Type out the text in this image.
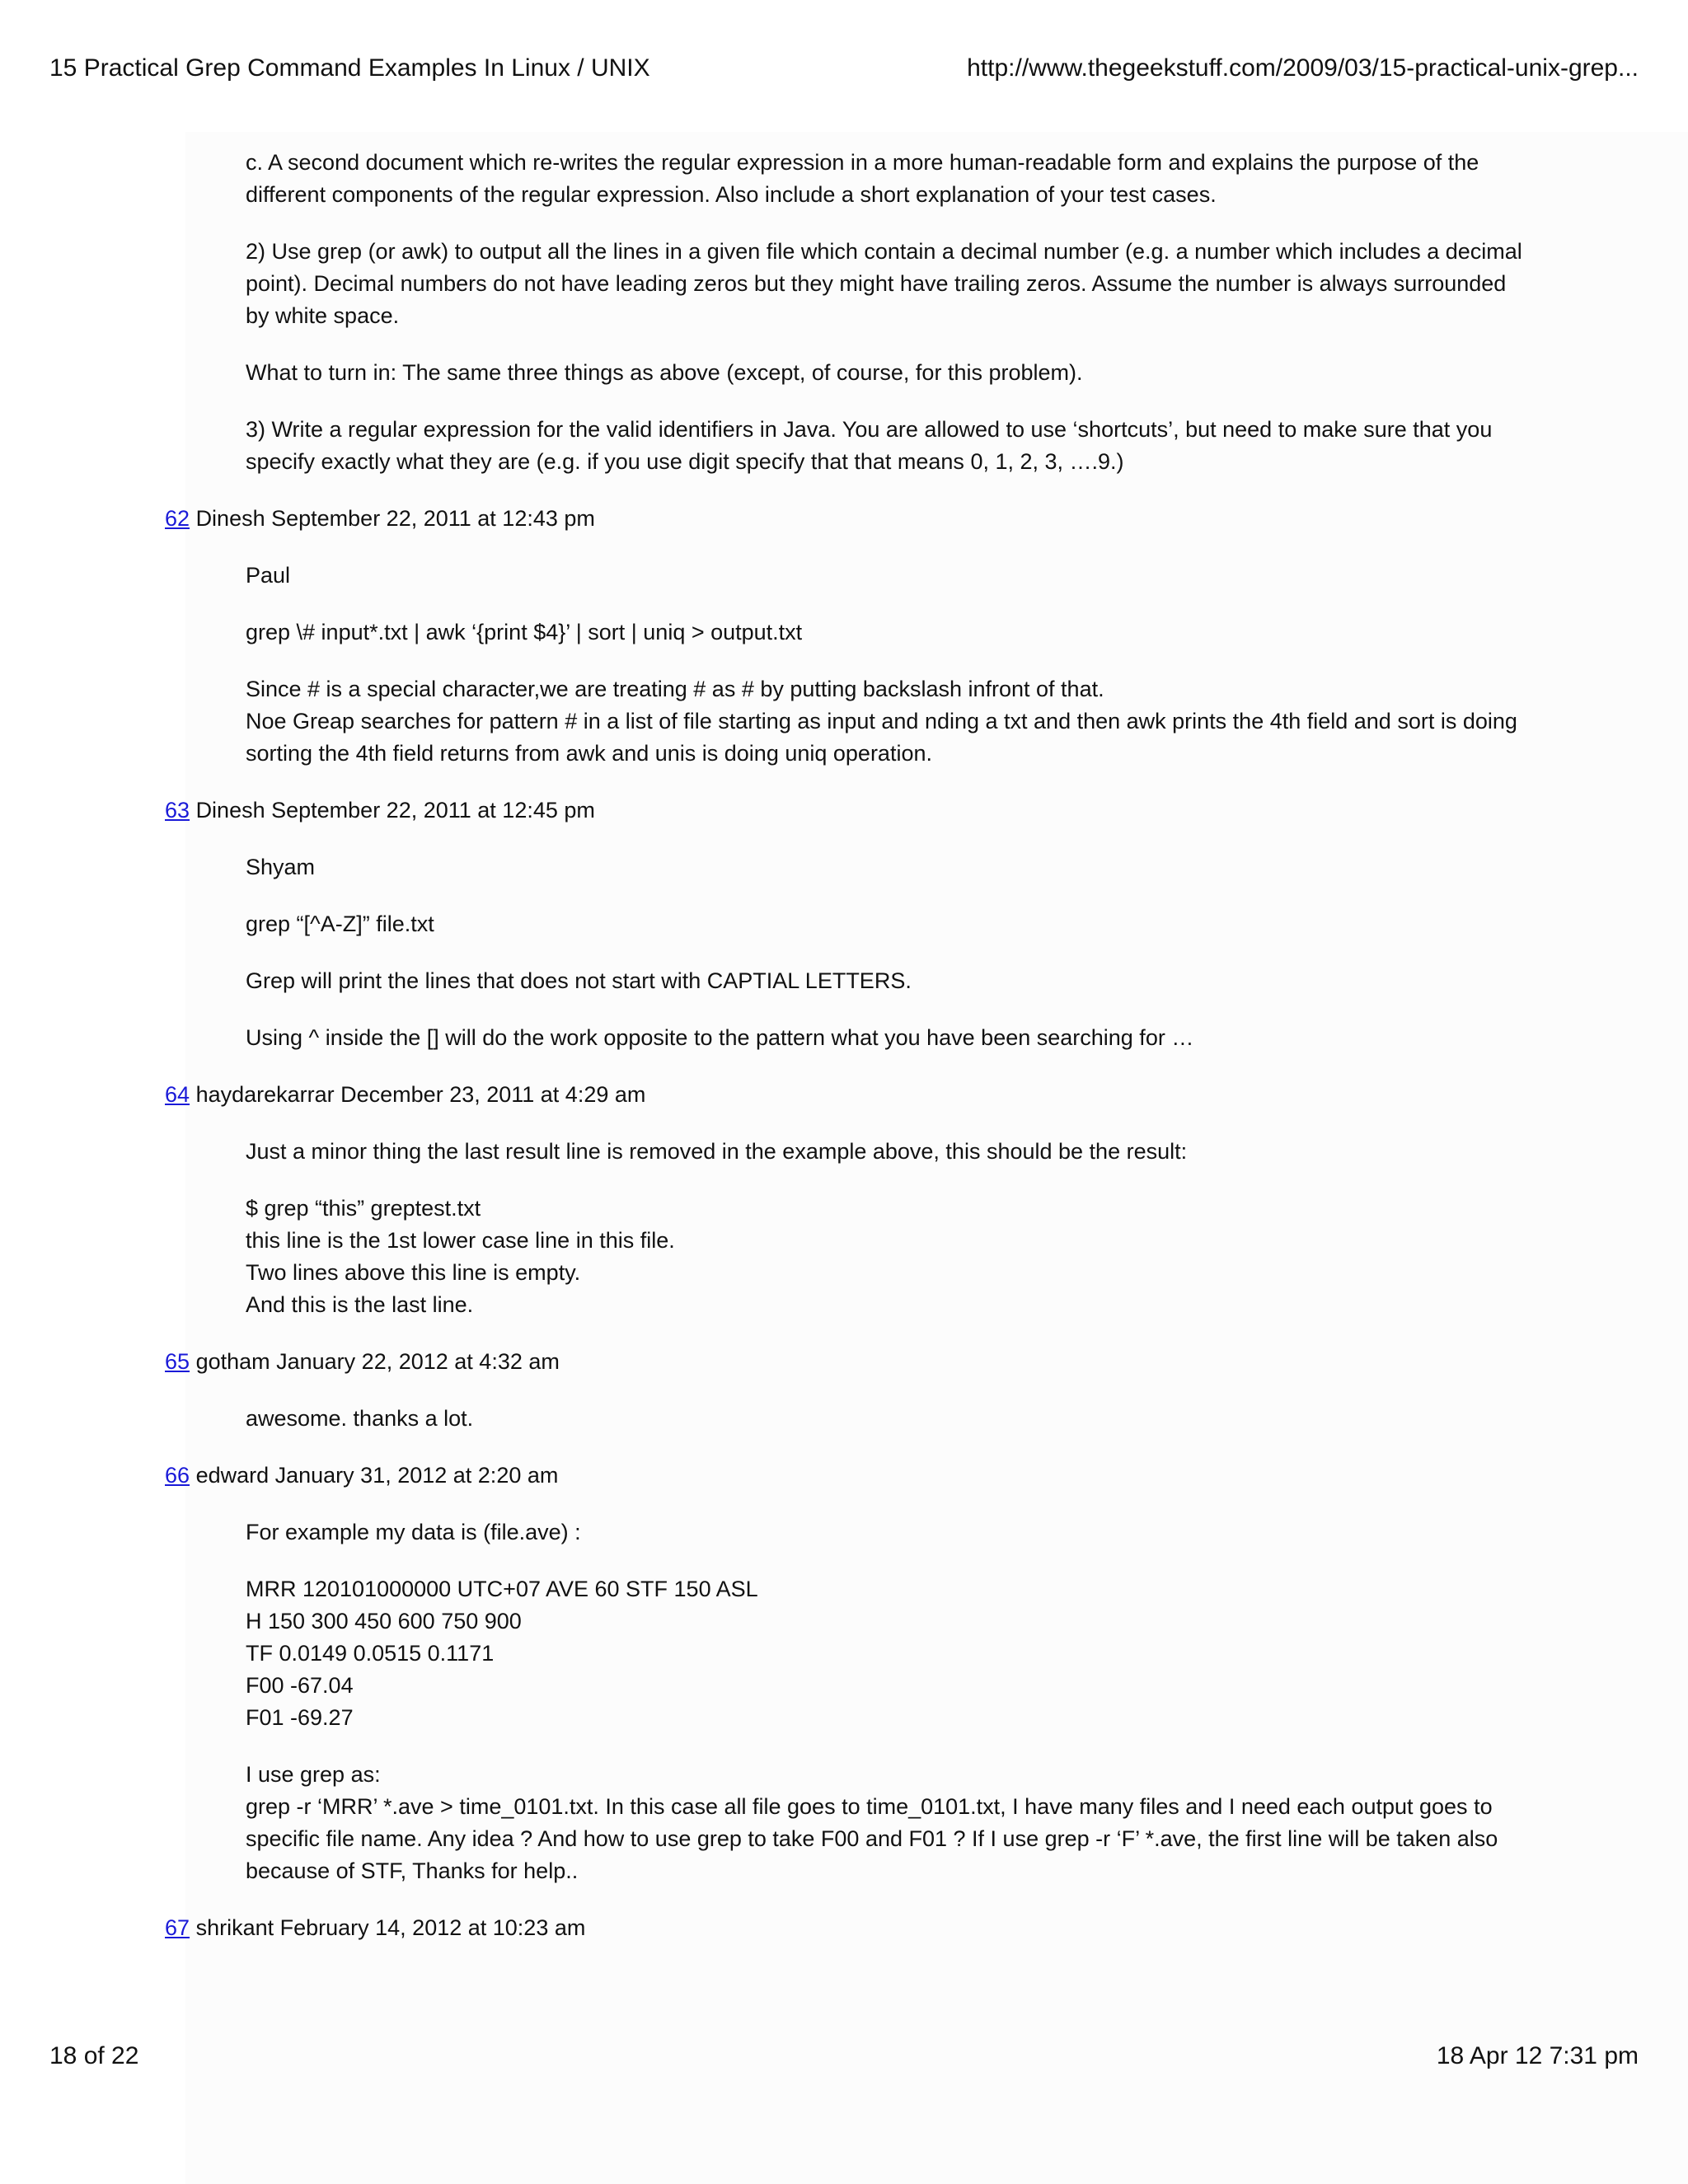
15 Practical Grep Command Examples In Linux / UNIX	http://www.thegeekstuff.com/2009/03/15-practical-unix-grep...
c. A second document which re-writes the regular expression in a more human-readable form and explains the purpose of the
different components of the regular expression. Also include a short explanation of your test cases.
2) Use grep (or awk) to output all the lines in a given file which contain a decimal number (e.g. a number which includes a decimal
point). Decimal numbers do not have leading zeros but they might have trailing zeros. Assume the number is always surrounded
by white space.
What to turn in: The same three things as above (except, of course, for this problem).
3) Write a regular expression for the valid identifiers in Java. You are allowed to use ‘shortcuts’, but need to make sure that you
specify exactly what they are (e.g. if you use digit specify that that means 0, 1, 2, 3, ….9.)
62 Dinesh September 22, 2011 at 12:43 pm
Paul
grep \# input*.txt | awk ‘{print $4}’ | sort | uniq > output.txt
Since # is a special character,we are treating # as # by putting backslash infront of that.
Noe Greap searches for pattern # in a list of file starting as input and nding a txt and then awk prints the 4th field and sort is doing
sorting the 4th field returns from awk and unis is doing uniq operation.
63 Dinesh September 22, 2011 at 12:45 pm
Shyam
grep “[^A-Z]” file.txt
Grep will print the lines that does not start with CAPTIAL LETTERS.
Using ^ inside the [] will do the work opposite to the pattern what you have been searching for …
64 haydarekarrar December 23, 2011 at 4:29 am
Just a minor thing the last result line is removed in the example above, this should be the result:
$ grep “this” greptest.txt
this line is the 1st lower case line in this file.
Two lines above this line is empty.
And this is the last line.
65 gotham January 22, 2012 at 4:32 am
awesome. thanks a lot.
66 edward January 31, 2012 at 2:20 am
For example my data is (file.ave) :
MRR 120101000000 UTC+07 AVE 60 STF 150 ASL
H 150 300 450 600 750 900
TF 0.0149 0.0515 0.1171
F00 -67.04
F01 -69.27
I use grep as:
grep -r ‘MRR’ *.ave > time_0101.txt. In this case all file goes to time_0101.txt, I have many files and I need each output goes to
specific file name. Any idea ? And how to use grep to take F00 and F01 ? If I use grep -r ‘F’ *.ave, the first line will be taken also
because of STF, Thanks for help..
67 shrikant February 14, 2012 at 10:23 am
18 of 22	18 Apr 12 7:31 pm
